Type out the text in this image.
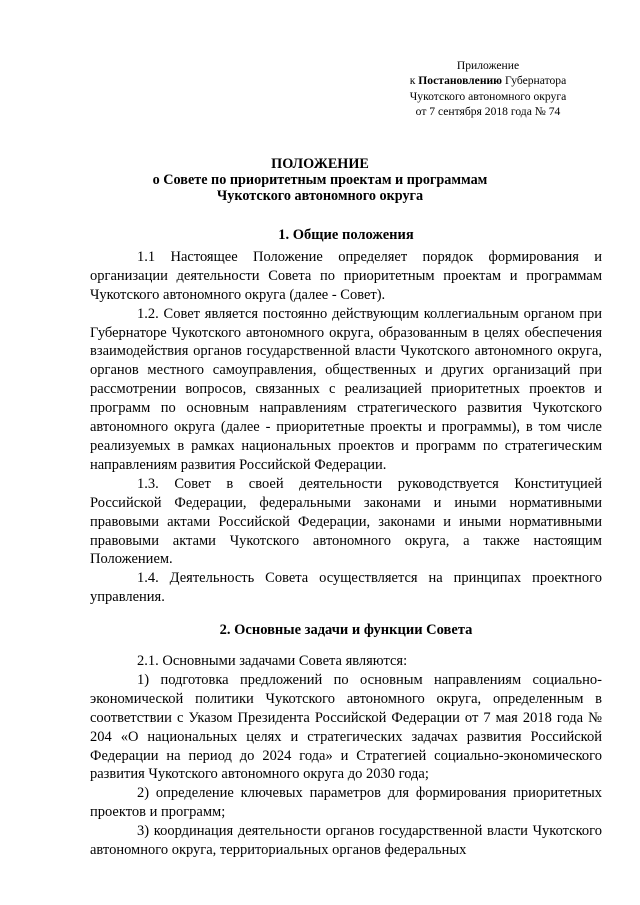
Приложение
к Постановлению Губернатора
Чукотского автономного округа
от 7 сентября 2018 года № 74
ПОЛОЖЕНИЕ
о Совете по приоритетным проектам и программам
Чукотского автономного округа

1. Общие положения

1.1 Настоящее Положение определяет порядок формирования и организации деятельности Совета по приоритетным проектам и программам Чукотского автономного округа (далее - Совет).

1.2. Совет является постоянно действующим коллегиальным органом при Губернаторе Чукотского автономного округа, образованным в целях обеспечения взаимодействия органов государственной власти Чукотского автономного округа, органов местного самоуправления, общественных и других организаций при рассмотрении вопросов, связанных с реализацией приоритетных проектов и программ по основным направлениям стратегического развития Чукотского автономного округа (далее - приоритетные проекты и программы), в том числе реализуемых в рамках национальных проектов и программ по стратегическим направлениям развития Российской Федерации.

1.3. Совет в своей деятельности руководствуется Конституцией Российской Федерации, федеральными законами и иными нормативными правовыми актами Российской Федерации, законами и иными нормативными правовыми актами Чукотского автономного округа, а также настоящим Положением.

1.4. Деятельность Совета осуществляется на принципах проектного управления.

2. Основные задачи и функции Совета

2.1. Основными задачами Совета являются:

1) подготовка предложений по основным направлениям социально-экономической политики Чукотского автономного округа, определенным в соответствии с Указом Президента Российской Федерации от 7 мая 2018 года № 204 «О национальных целях и стратегических задачах развития Российской Федерации на период до 2024 года» и Стратегией социально-экономического развития Чукотского автономного округа до 2030 года;

2) определение ключевых параметров для формирования приоритетных проектов и программ;

3) координация деятельности органов государственной власти Чукотского автономного округа, территориальных органов федеральных
